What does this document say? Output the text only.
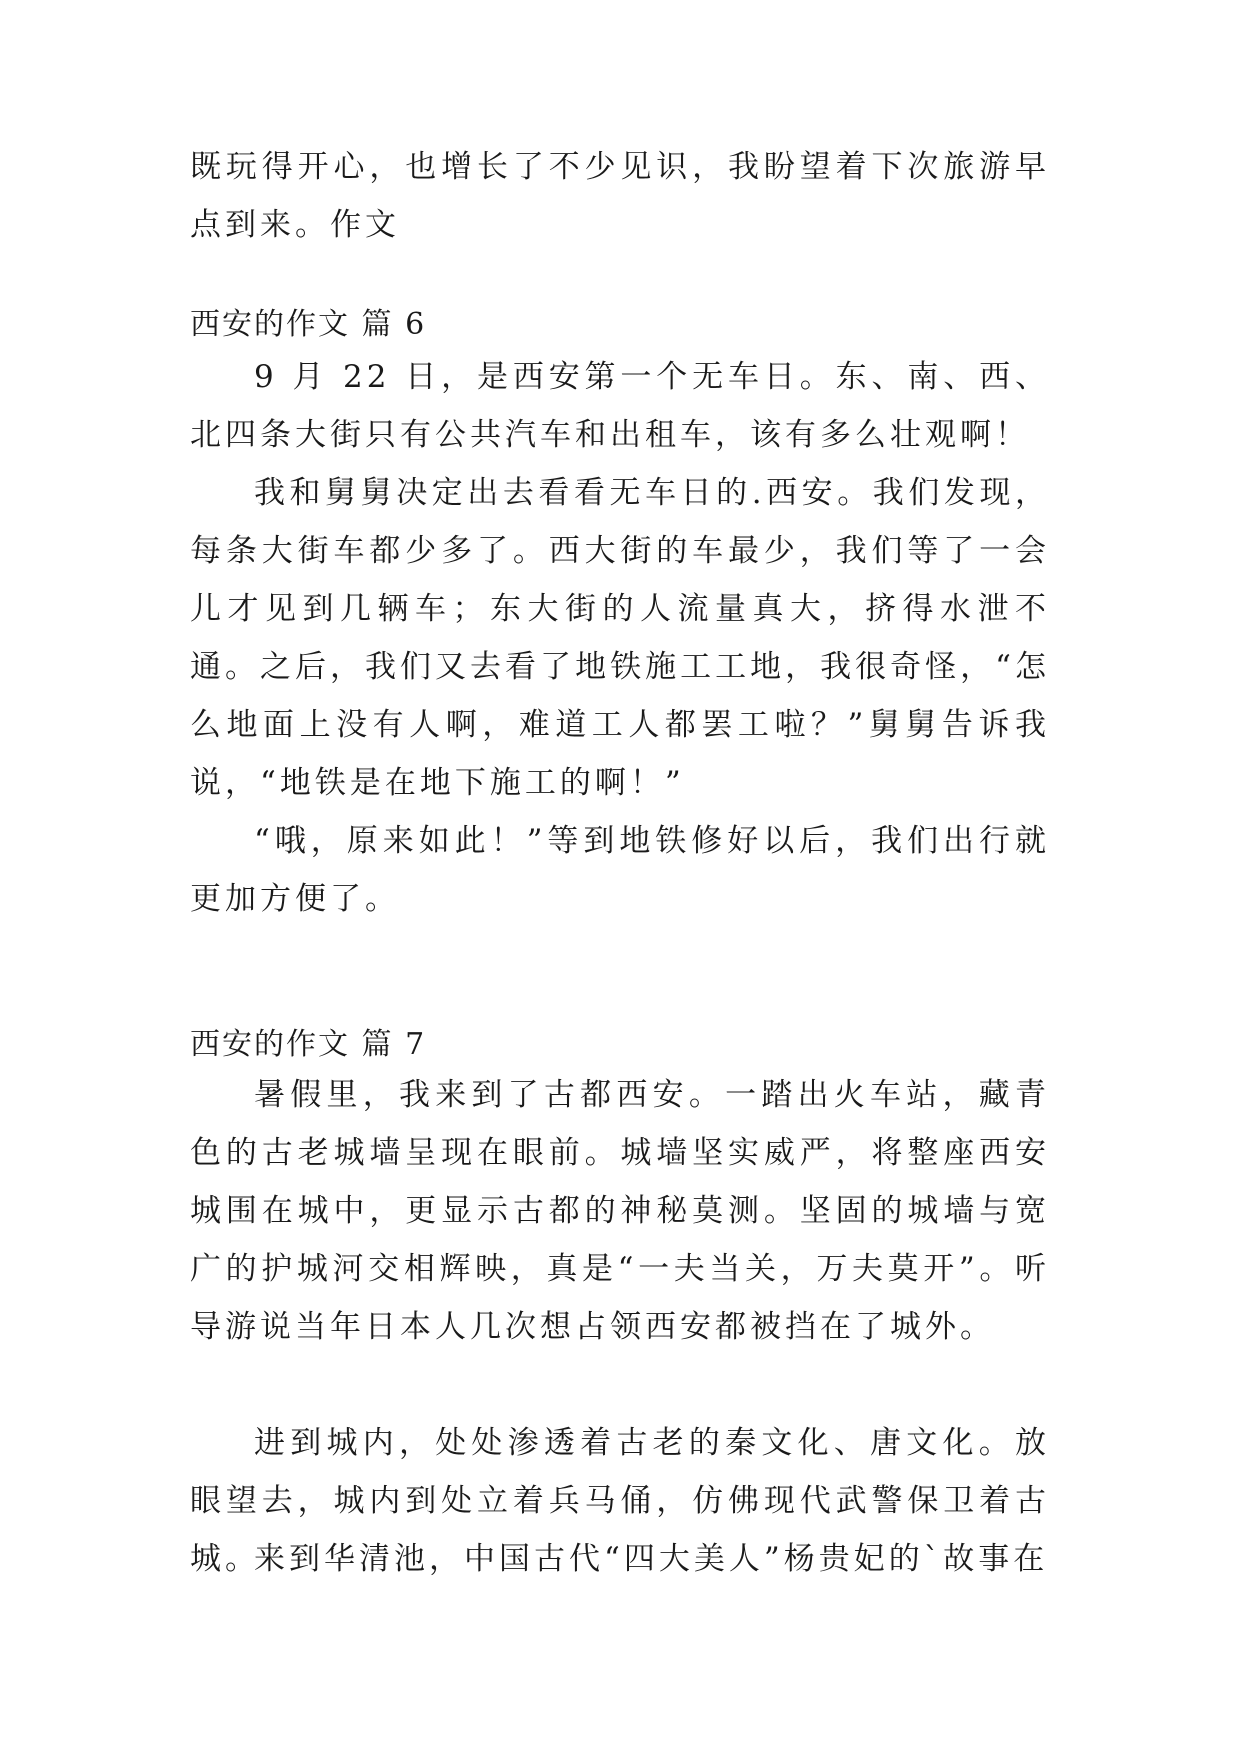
既玩得开心，也增长了不少见识，我盼望着下次旅游早点到来。作文

西安的作文 篇 6

9 月 22 日，是西安第一个无车日。东、南、西、北四条大街只有公共汽车和出租车，该有多么壮观啊！

我和舅舅决定出去看看无车日的.西安。我们发现，每条大街车都少多了。西大街的车最少，我们等了一会儿才见到几辆车；东大街的人流量真大，挤得水泄不通。之后，我们又去看了地铁施工工地，我很奇怪，“怎么地面上没有人啊，难道工人都罢工啦？”舅舅告诉我说，“地铁是在地下施工的啊！”

“哦，原来如此！”等到地铁修好以后，我们出行就更加方便了。

西安的作文 篇 7

暑假里，我来到了古都西安。一踏出火车站，藏青色的古老城墙呈现在眼前。城墙坚实威严，将整座西安城围在城中，更显示古都的神秘莫测。坚固的城墙与宽广的护城河交相辉映，真是“一夫当关，万夫莫开”。听导游说当年日本人几次想占领西安都被挡在了城外。

进到城内，处处渗透着古老的秦文化、唐文化。放眼望去，城内到处立着兵马俑，仿佛现代武警保卫着古城。

来到华清池，中国古代“四大美人”杨贵妃的`故事在
